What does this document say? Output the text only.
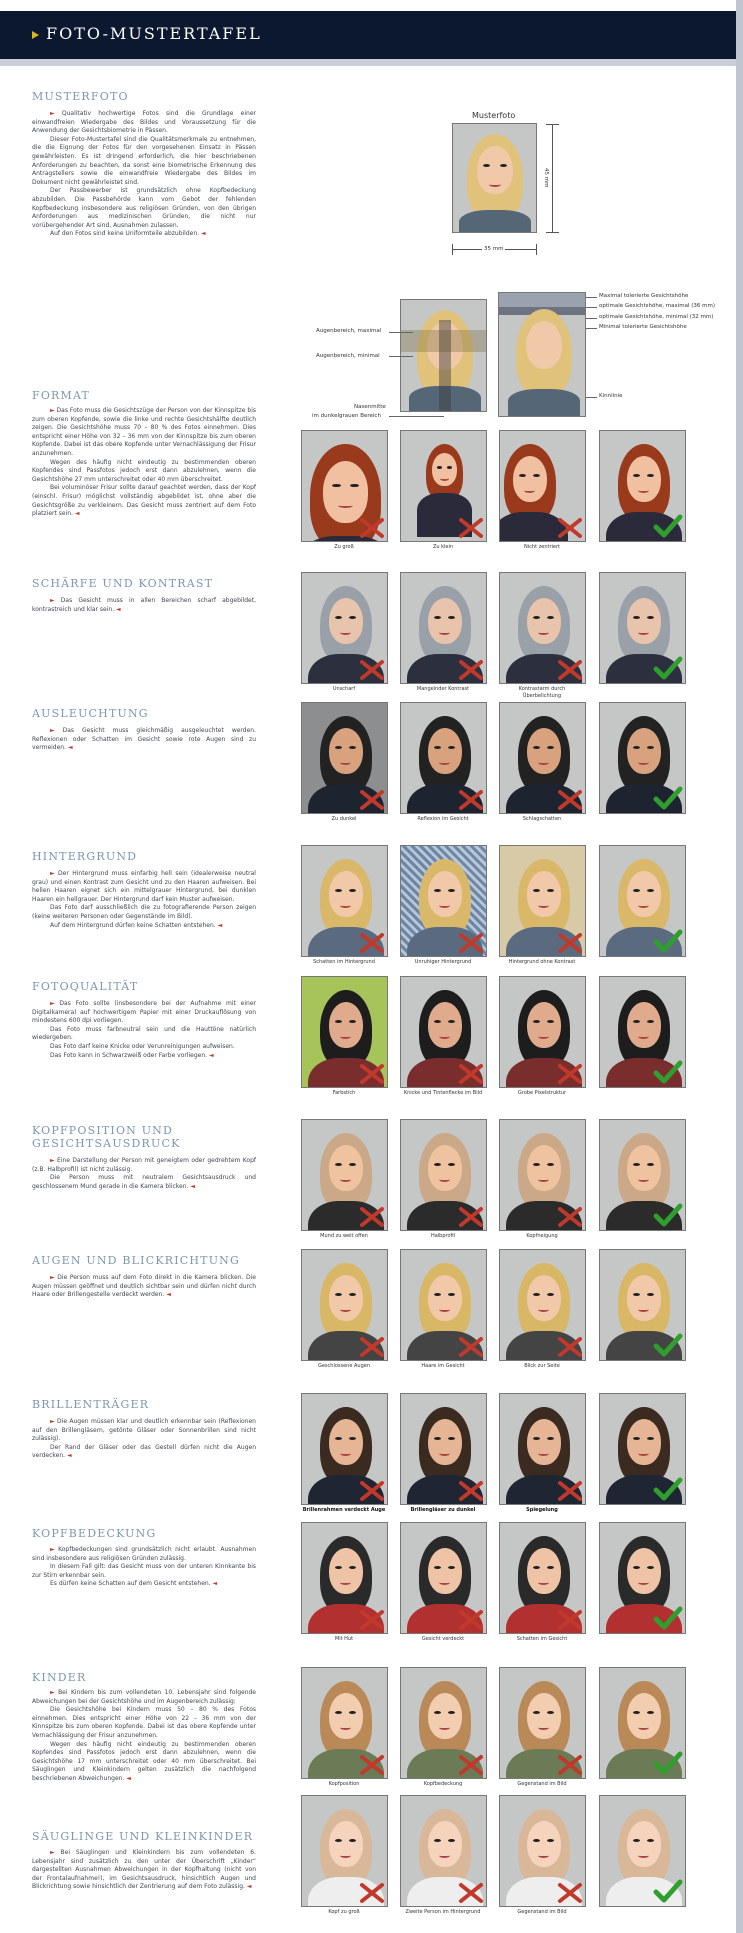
FOTO-MUSTERTAFEL
MUSTERFOTO

► Qualitativ hochwertige Fotos sind die Grundlage einer einwandfreien Wiedergabe des Bildes und Voraussetzung für die Anwendung der Gesichtsbiometrie in Pässen.

Dieser Foto-Mustertafel sind die Qualitätsmerkmale zu entnehmen, die die Eignung der Fotos für den vorgesehenen Einsatz in Pässen gewährleisten. Es ist dringend erforderlich, die hier beschriebenen Anforderungen zu beachten, da sonst eine biometrische Erkennung des Antragstellers sowie die einwandfreie Wiedergabe des Bildes im Dokument nicht gewährleistet sind.

Der Passbewerber ist grundsätzlich ohne Kopfbedeckung abzubilden. Die Passbehörde kann vom Gebot der fehlenden Kopfbedeckung insbesondere aus religiösen Gründen, von den übrigen Anforderungen aus medizinischen Gründen, die nicht nur vorübergehender Art sind, Ausnahmen zulassen.

Auf den Fotos sind keine Uniformteile abzubilden. ◄

FORMAT

► Das Foto muss die Gesichtszüge der Person von der Kinnspitze bis zum oberen Kopfende, sowie die linke und rechte Gesichtshälfte deutlich zeigen. Die Gesichtshöhe muss 70 – 80 % des Fotos einnehmen. Dies entspricht einer Höhe von 32 – 36 mm von der Kinnspitze bis zum oberen Kopfende. Dabei ist das obere Kopfende unter Vernachlässigung der Frisur anzunehmen.

Wegen des häufig nicht eindeutig zu bestimmenden oberen Kopfendes sind Passfotos jedoch erst dann abzulehnen, wenn die Gesichtshöhe 27 mm unterschreitet oder 40 mm überschreitet.

Bei voluminöser Frisur sollte darauf geachtet werden, dass der Kopf (einschl. Frisur) möglichst vollständig abgebildet ist, ohne aber die Gesichtsgröße zu verkleinern. Das Gesicht muss zentriert auf dem Foto platziert sein. ◄

SCHÄRFE UND KONTRAST

► Das Gesicht muss in allen Bereichen scharf abgebildet, kontrastreich und klar sein. ◄

AUSLEUCHTUNG

► Das Gesicht muss gleichmäßig ausgeleuchtet werden. Reflexionen oder Schatten im Gesicht sowie rote Augen sind zu vermeiden. ◄

HINTERGRUND

► Der Hintergrund muss einfarbig hell sein (idealerweise neutral grau) und einen Kontrast zum Gesicht und zu den Haaren aufweisen. Bei hellen Haaren eignet sich ein mittelgrauer Hintergrund, bei dunklen Haaren ein hellgrauer. Der Hintergrund darf kein Muster aufweisen.

Das Foto darf ausschließlich die zu fotografierende Person zeigen (keine weiteren Personen oder Gegenstände im Bild).

Auf dem Hintergrund dürfen keine Schatten entstehen. ◄

FOTOQUALITÄT

► Das Foto sollte (insbesondere bei der Aufnahme mit einer Digitalkamera) auf hochwertigem Papier mit einer Druckauflösung von mindestens 600 dpi vorliegen.

Das Foto muss farbneutral sein und die Hauttöne natürlich wiedergeben.

Das Foto darf keine Knicke oder Verunreinigungen aufweisen.

Das Foto kann in Schwarzweiß oder Farbe vorliegen. ◄

KOPFPOSITION UND GESICHTSAUSDRUCK

► Eine Darstellung der Person mit geneigtem oder gedrehtem Kopf (z.B. Halbprofil) ist nicht zulässig.

Die Person muss mit neutralem Gesichtsausdruck und geschlossenem Mund gerade in die Kamera blicken. ◄

AUGEN UND BLICKRICHTUNG

► Die Person muss auf dem Foto direkt in die Kamera blicken. Die Augen müssen geöffnet und deutlich sichtbar sein und dürfen nicht durch Haare oder Brillengestelle verdeckt werden. ◄

BRILLENTRÄGER

► Die Augen müssen klar und deutlich erkennbar sein (Reflexionen auf den Brillengläsern, getönte Gläser oder Sonnenbrillen sind nicht zulässig).

Der Rand der Gläser oder das Gestell dürfen nicht die Augen verdecken. ◄

KOPFBEDECKUNG

► Kopfbedeckungen sind grundsätzlich nicht erlaubt. Ausnahmen sind insbesondere aus religiösen Gründen zulässig.

In diesem Fall gilt: das Gesicht muss von der unteren Kinnkante bis zur Stirn erkennbar sein.

Es dürfen keine Schatten auf dem Gesicht entstehen. ◄

KINDER

► Bei Kindern bis zum vollendeten 10. Lebensjahr sind folgende Abweichungen bei der Gesichtshöhe und im Augenbereich zulässig:

Die Gesichtshöhe bei Kindern muss 50 – 80 % des Fotos einnehmen. Dies entspricht einer Höhe von 22 – 36 mm von der Kinnspitze bis zum oberen Kopfende. Dabei ist das obere Kopfende unter Vernachlässigung der Frisur anzunehmen.

Wegen des häufig nicht eindeutig zu bestimmenden oberen Kopfendes sind Passfotos jedoch erst dann abzulehnen, wenn die Gesichtshöhe 17 mm unterschreitet oder 40 mm überschreitet. Bei Säuglingen und Kleinkindern gelten zusätzlich die nachfolgend beschriebenen Abweichungen. ◄

SÄUGLINGE UND KLEINKINDER

► Bei Säuglingen und Kleinkindern bis zum vollendeten 6. Lebensjahr sind zusätzlich zu den unter der Überschrift „Kinder“ dargestellten Ausnahmen Abweichungen in der Kopfhaltung (nicht von der Frontalaufnahme!), im Gesichtsausdruck, hinsichtlich Augen und Blickrichtung sowie hinsichtlich der Zentrierung auf dem Foto zulässig. ◄

Musterfoto
45 mm
35 mm
Augenbereich, maximal
Augenbereich, minimal
Nasenmitte
im dunkelgrauen Bereich
Maximal tolerierte Gesichtshöhe
optimale Gesichtshöhe, maximal (36 mm)
optimale Gesichtshöhe, minimal (32 mm)
Minimal tolerierte Gesichtshöhe
Kinnlinie
Zu groß	Zu klein	Nicht zentriert
Unscharf	Mangelnder Kontrast	Kontrastarm durch Überbelichtung
Zu dunkel	Reflexion im Gesicht	Schlagschatten
Schatten im Hintergrund	Unruhiger Hintergrund	Hintergrund ohne Kontrast
Farbstich	Knicke und Tintenflecke im Bild	Grobe Pixelstruktur
Mund zu weit offen	Halbprofil	Kopfneigung
Geschlossene Augen	Haare im Gesicht	Blick zur Seite
Brillenrahmen verdeckt Auge	Brillengläser zu dunkel	Spiegelung
Mit Hut	Gesicht verdeckt	Schatten im Gesicht
Kopfposition	Kopfbedeckung	Gegenstand im Bild
Kopf zu groß	Zweite Person im Hintergrund	Gegenstand im Bild
